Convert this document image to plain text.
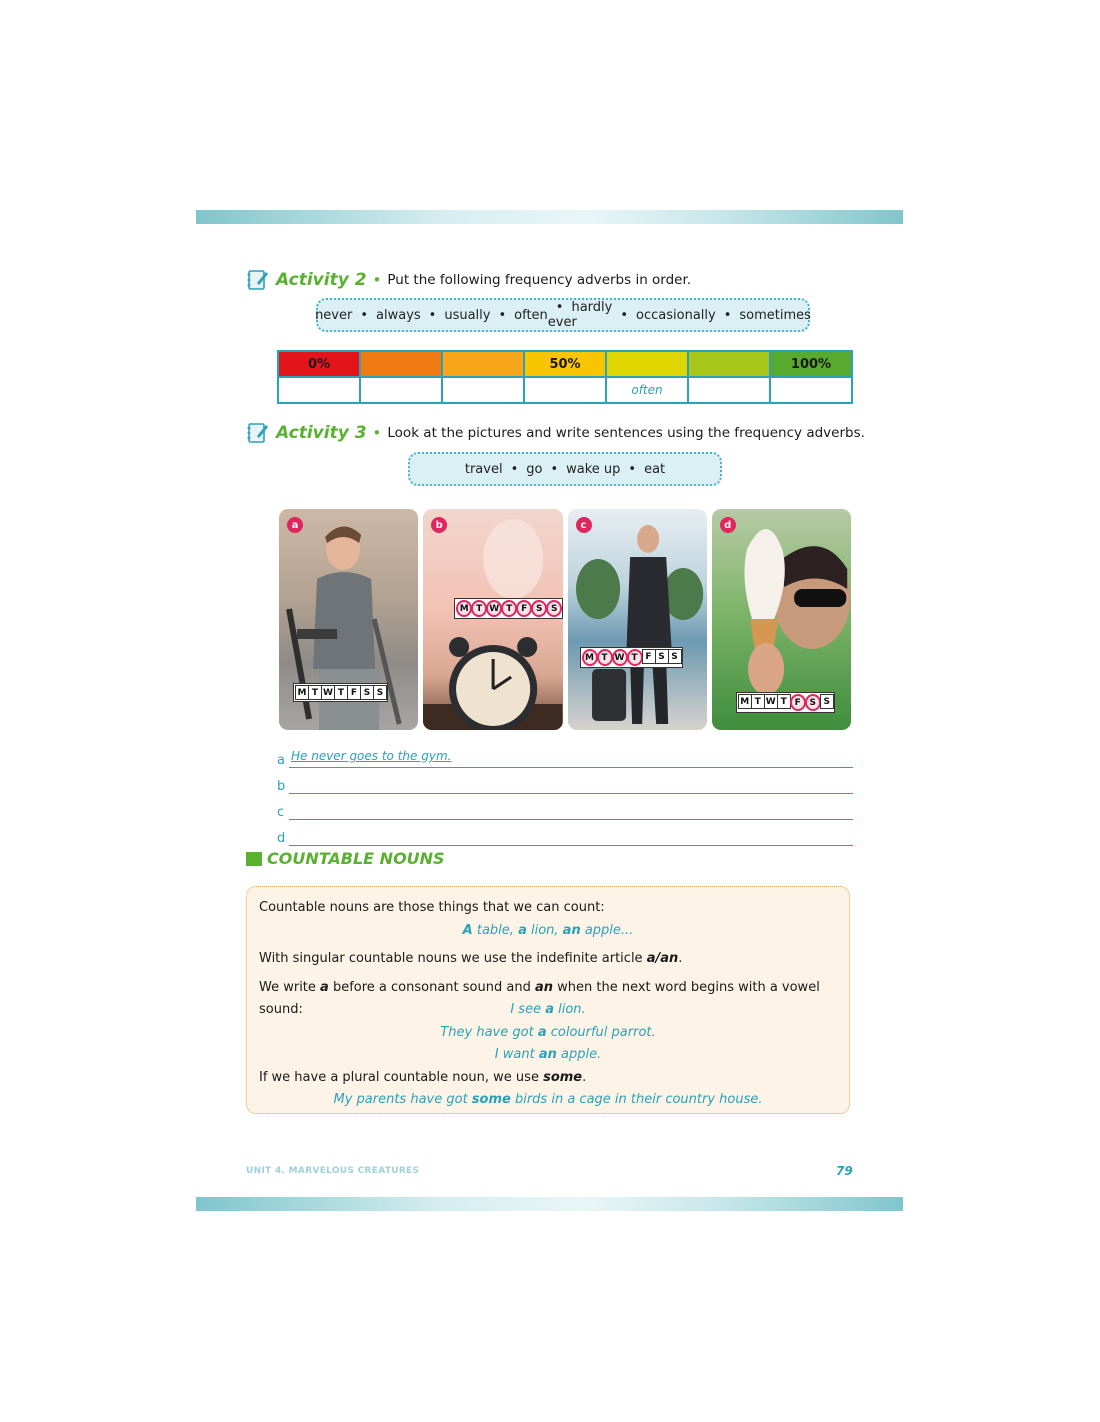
Activity 2 • Put the following frequency adverbs in order.
never	• always	• usually	• often	• hardly ever	• occasionally	• sometimes
0%			50%			100%
				often		
Activity 3 • Look at the pictures and write sentences using the frequency adverbs.
travel	• go	• wake up	• eat
a
M T W T F S S
b
M T W T F S S
c
M T W T F S S
d
M T W T F S S
a He never goes to the gym.
b
c
d
COUNTABLE NOUNS
Countable nouns are those things that we can count:
A table, a lion, an apple...
With singular countable nouns we use the indefinite article a/an.
We write a before a consonant sound and an when the next word begins with a vowel sound:	I see a lion.
They have got a colourful parrot.
I want an apple.
If we have a plural countable noun, we use some.
My parents have got some birds in a cage in their country house.
UNIT 4. MARVELOUS CREATURES	79
